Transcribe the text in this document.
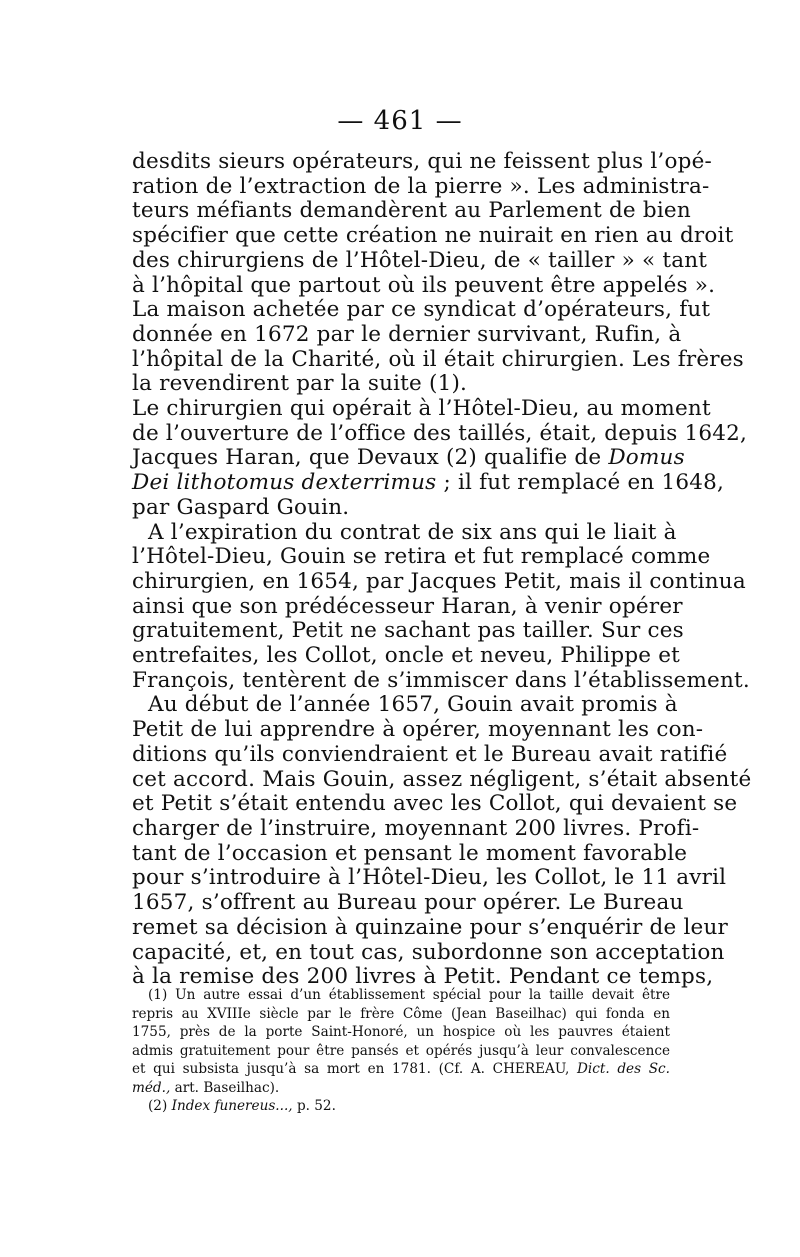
— 461 —
desdits sieurs opérateurs, qui ne feissent plus l’opé-
ration de l’extraction de la pierre ». Les administra-
teurs méfiants demandèrent au Parlement de bien
spécifier que cette création ne nuirait en rien au droit
des chirurgiens de l’Hôtel-Dieu, de « tailler » « tant
à l’hôpital que partout où ils peuvent être appelés ».
La maison achetée par ce syndicat d’opérateurs, fut
donnée en 1672 par le dernier survivant, Rufin, à
l’hôpital de la Charité, où il était chirurgien. Les frères
la revendirent par la suite (1).
Le chirurgien qui opérait à l’Hôtel-Dieu, au moment
de l’ouverture de l’office des taillés, était, depuis 1642,
Jacques Haran, que Devaux (2) qualifie de Domus
Dei lithotomus dexterrimus ; il fut remplacé en 1648,
par Gaspard Gouin.
A l’expiration du contrat de six ans qui le liait à
l’Hôtel-Dieu, Gouin se retira et fut remplacé comme
chirurgien, en 1654, par Jacques Petit, mais il continua
ainsi que son prédécesseur Haran, à venir opérer
gratuitement, Petit ne sachant pas tailler. Sur ces
entrefaites, les Collot, oncle et neveu, Philippe et
François, tentèrent de s’immiscer dans l’établissement.
Au début de l’année 1657, Gouin avait promis à
Petit de lui apprendre à opérer, moyennant les con-
ditions qu’ils conviendraient et le Bureau avait ratifié
cet accord. Mais Gouin, assez négligent, s’était absenté
et Petit s’était entendu avec les Collot, qui devaient se
charger de l’instruire, moyennant 200 livres. Profi-
tant de l’occasion et pensant le moment favorable
pour s’introduire à l’Hôtel-Dieu, les Collot, le 11 avril
1657, s’offrent au Bureau pour opérer. Le Bureau
remet sa décision à quinzaine pour s’enquérir de leur
capacité, et, en tout cas, subordonne son acceptation
à la remise des 200 livres à Petit. Pendant ce temps,
(1) Un autre essai d’un établissement spécial pour la taille devait être
repris au XVIIIe siècle par le frère Côme (Jean Baseilhac) qui fonda en
1755, près de la porte Saint-Honoré, un hospice où les pauvres étaient
admis gratuitement pour être pansés et opérés jusqu’à leur convalescence
et qui subsista jusqu’à sa mort en 1781. (Cf. A. CHEREAU, Dict. des Sc.
méd., art. Baseilhac).
(2) Index funereus..., p. 52.
